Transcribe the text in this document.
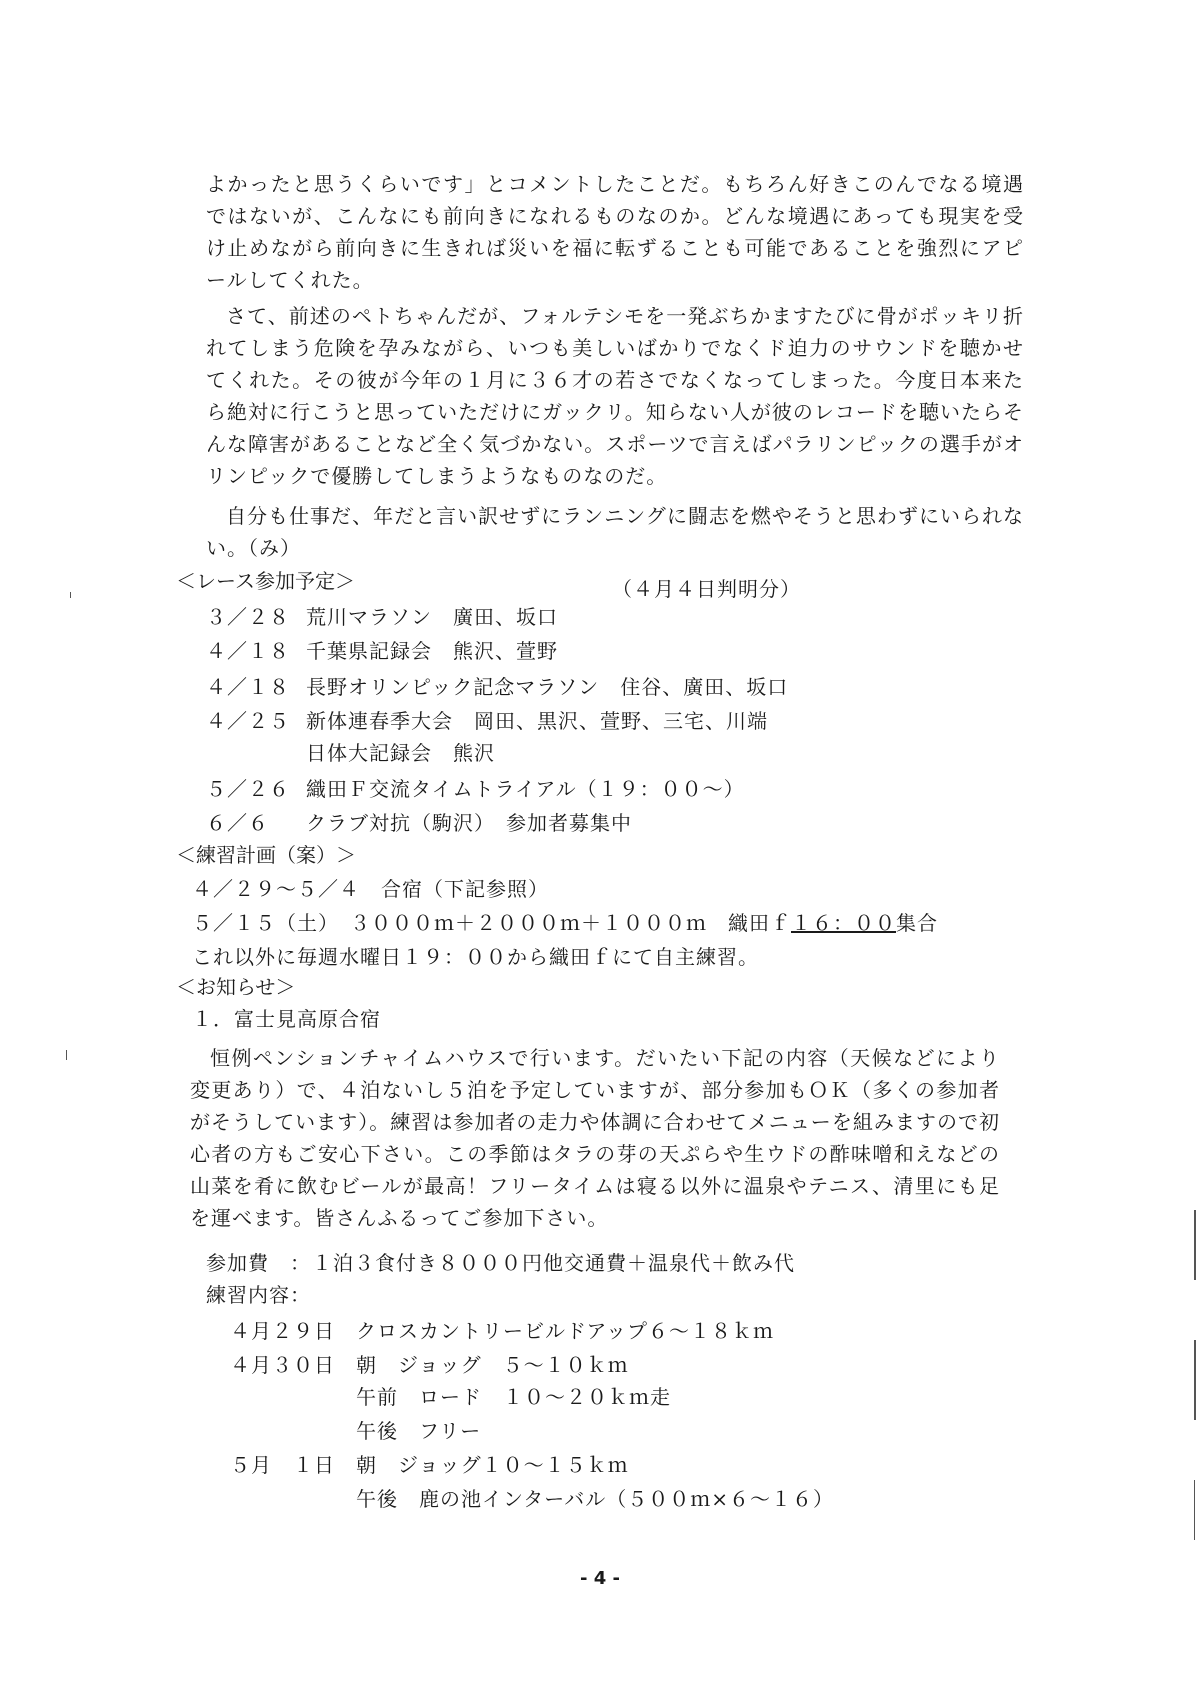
よかったと思うくらいです」とコメントしたことだ。もちろん好きこのんでなる境遇ではないが、こんなにも前向きになれるものなのか。どんな境遇にあっても現実を受け止めながら前向きに生きれば災いを福に転ずることも可能であることを強烈にアピールしてくれた。
さて、前述のペトちゃんだが、フォルテシモを一発ぶちかますたびに骨がポッキリ折れてしまう危険を孕みながら、いつも美しいばかりでなくド迫力のサウンドを聴かせてくれた。その彼が今年の１月に３６才の若さでなくなってしまった。今度日本来たら絶対に行こうと思っていただけにガックリ。知らない人が彼のレコードを聴いたらそんな障害があることなど全く気づかない。スポーツで言えばパラリンピックの選手がオリンピックで優勝してしまうようなものなのだ。
自分も仕事だ、年だと言い訳せずにランニングに闘志を燃やそうと思わずにいられない。（み）
＜レース参加予定＞	（４月４日判明分）
３／２８ 荒川マラソン　廣田、坂口
４／１８ 千葉県記録会　熊沢、萱野
４／１８ 長野オリンピック記念マラソン　住谷、廣田、坂口
４／２５ 新体連春季大会　岡田、黒沢、萱野、三宅、川端
日体大記録会　熊沢
５／２６ 織田Ｆ交流タイムトライアル（１９：００～）
６／６ クラブ対抗（駒沢）　参加者募集中
＜練習計画（案）＞
４／２９～５／４　合宿（下記参照）
５／１５（土）　３０００ｍ＋２０００ｍ＋１０００ｍ　織田ｆ１６：００集合
これ以外に毎週水曜日１９：００から織田ｆにて自主練習。
＜お知らせ＞
１．富士見高原合宿
恒例ペンションチャイムハウスで行います。だいたい下記の内容（天候などにより変更あり）で、４泊ないし５泊を予定していますが、部分参加もＯＫ（多くの参加者がそうしています）。練習は参加者の走力や体調に合わせてメニューを組みますので初心者の方もご安心下さい。この季節はタラの芽の天ぷらや生ウドの酢味噌和えなどの山菜を肴に飲むビールが最高！フリータイムは寝る以外に温泉やテニス、清里にも足を運べます。皆さんふるってご参加下さい。
参加費　： １泊３食付き８０００円他交通費＋温泉代＋飲み代
練習内容：
４月２９日 クロスカントリービルドアップ６～１８ｋｍ
４月３０日 朝　ジョッグ　５～１０ｋｍ
午前　ロード　１０～２０ｋｍ走
午後　フリー
５月　１日 朝　ジョッグ１０～１５ｋｍ
午後　鹿の池インターバル（５００ｍ×６～１６）
- 4 -
